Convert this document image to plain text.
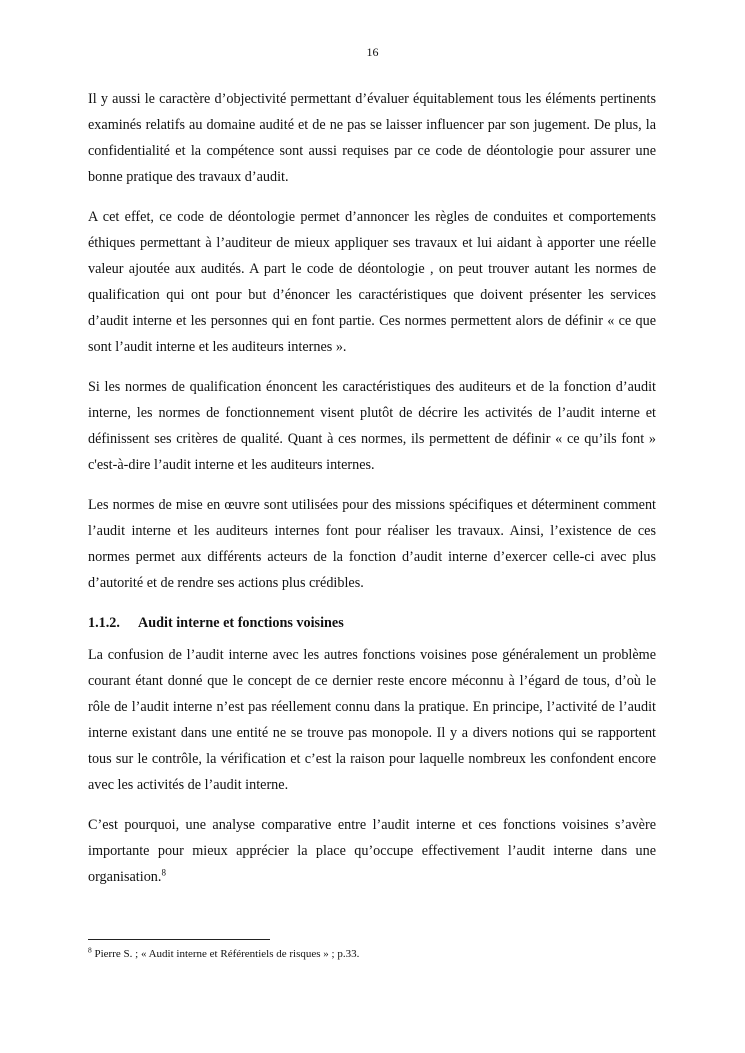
16

Il y aussi le caractère d’objectivité permettant d’évaluer équitablement tous les éléments pertinents examinés relatifs au domaine audité et de ne pas se laisser influencer par son jugement. De plus, la confidentialité et la compétence sont aussi requises par ce code de déontologie pour assurer une bonne pratique des travaux d’audit.

A cet effet, ce code de déontologie permet d’annoncer les règles de conduites et comportements éthiques permettant à l’auditeur de mieux appliquer ses travaux et lui aidant à apporter une réelle valeur ajoutée aux audités. A part le code de déontologie , on peut trouver autant les normes de qualification qui ont pour but d’énoncer les caractéristiques que doivent présenter les services d’audit interne et les personnes qui en font partie. Ces normes permettent alors de définir « ce que sont l’audit interne et les auditeurs internes ».

Si les normes de qualification énoncent les caractéristiques des auditeurs et de la fonction d’audit interne, les normes de fonctionnement visent plutôt de décrire les activités de l’audit interne et définissent ses critères de qualité. Quant à ces normes, ils permettent de définir « ce qu’ils font » c'est-à-dire l’audit interne et les auditeurs internes.

Les normes de mise en œuvre sont utilisées pour des missions spécifiques et déterminent comment l’audit interne et les auditeurs internes font pour réaliser les travaux. Ainsi, l’existence de ces normes permet aux différents acteurs de la fonction d’audit interne d’exercer celle-ci avec plus d’autorité et de rendre ses actions plus crédibles.

1.1.2. Audit interne et fonctions voisines

La confusion de l’audit interne avec les autres fonctions voisines pose généralement un problème courant étant donné que le concept de ce dernier reste encore méconnu à l’égard de tous, d’où le rôle de l’audit interne n’est pas réellement connu dans la pratique. En principe, l’activité de l’audit interne existant dans une entité ne se trouve pas monopole. Il y a divers notions qui se rapportent tous sur le contrôle, la vérification et c’est la raison pour laquelle nombreux les confondent encore avec les activités de l’audit interne.

C’est pourquoi, une analyse comparative entre l’audit interne et ces fonctions voisines s’avère importante pour mieux apprécier la place qu’occupe effectivement l’audit interne dans une organisation.$^8$

$^8$ Pierre S. ; « Audit interne et Référentiels de risques » ; p.33.
